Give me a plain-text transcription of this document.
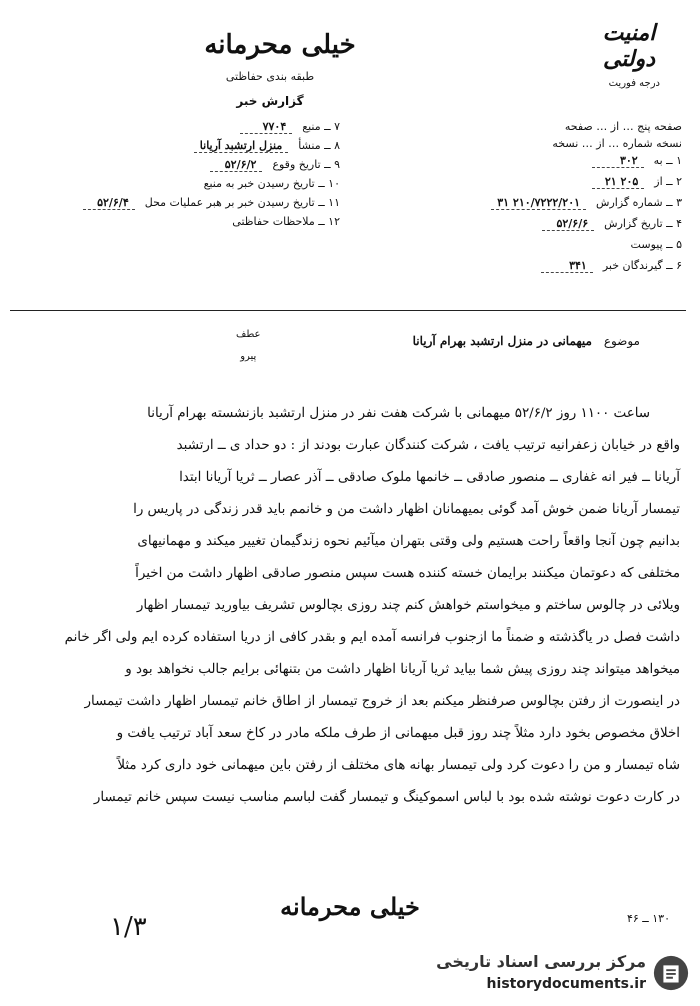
خیلی محرمانه
طبقه بندی حفاظتی
گزارش خبر
امنیت دولتی
درجه فوریت
صفحه پنج … از … صفحه
نسخه شماره … از … نسخه
۱ ــ به۳۰۲
۲ ــ از۲۰۵ ۲۱
۳ ــ شماره گزارش۲۱۰/۷۲۲۲/۲۰۱ ۳۱
۴ ــ تاریخ گزارش۵۲/۶/۶
۵ ــ پیوست
۶ ــ گیرندگان خبر۳۴۱
۷ ــ منبع۷۷۰۴
۸ ــ منشأمنزل ارتشبد آریانا
۹ ــ تاریخ وقوع۵۲/۶/۲
۱۰ ــ تاریخ رسیدن خبر به منبع
۱۱ ــ تاریخ رسیدن خبر بر هبر عملیات محل۵۲/۶/۴
۱۲ ــ ملاحظات حفاظتی
عطف
پیرو
موضوع میهمانی در منزل ارتشبد بهرام آریانا

ساعت ۱۱۰۰ روز ۵۲/۶/۲ میهمانی با شرکت هفت نفر در منزل ارتشبد بازنشسته بهرام آریانا

واقع در خیابان زعفرانیه ترتیب یافت ، شرکت کنندگان عبارت بودند از : دو حداد ی ــ ارتشبد

آریانا ــ فیر انه غفاری ــ منصور صادقی ــ خانمها ملوک صادقی ــ آذر عصار ــ ثریا آریانا ابتدا

تیمسار آریانا ضمن خوش آمد گوئی بمیهمانان اظهار داشت من و خانمم باید قدر زندگی در پاریس را

بدانیم چون آنجا واقعاً راحت هستیم ولی وقتی بتهران میآئیم نحوه زندگیمان تغییر میکند و مهمانیهای

مختلفی که دعوتمان میکنند برایمان خسته کننده هست سپس منصور صادقی اظهار داشت من اخیراً

ویلائی در چالوس ساختم و میخواستم خواهش کنم چند روزی بچالوس تشریف بیاورید تیمسار اظهار

داشت فصل در یاگذشته و ضمناً ما ازجنوب فرانسه آمده ایم و بقدر کافی از دریا استفاده کرده ایم ولی اگر خانم

میخواهد میتواند چند روزی پیش شما بیاید ثریا آریانا اظهار داشت من بتنهائی برایم جالب نخواهد بود و

در اینصورت از رفتن بچالوس صرفنظر میکنم بعد از خروج تیمسار از اطاق خانم تیمسار اظهار داشت تیمسار

اخلاق مخصوص بخود دارد مثلاً چند روز قبل میهمانی از طرف ملکه مادر در کاخ سعد آباد ترتیب یافت و

شاه تیمسار و من را دعوت کرد ولی تیمسار بهانه های مختلف از رفتن باین میهمانی خود داری کرد مثلاً

در کارت دعوت نوشته شده بود با لباس اسموکینگ و تیمسار گفت لباسم مناسب نیست سپس خانم تیمسار

خیلی محرمانه
۱/۳	۱۳۰ ــ ۴۶
مرکز بررسی اسناد تاریخی
historydocuments.ir
